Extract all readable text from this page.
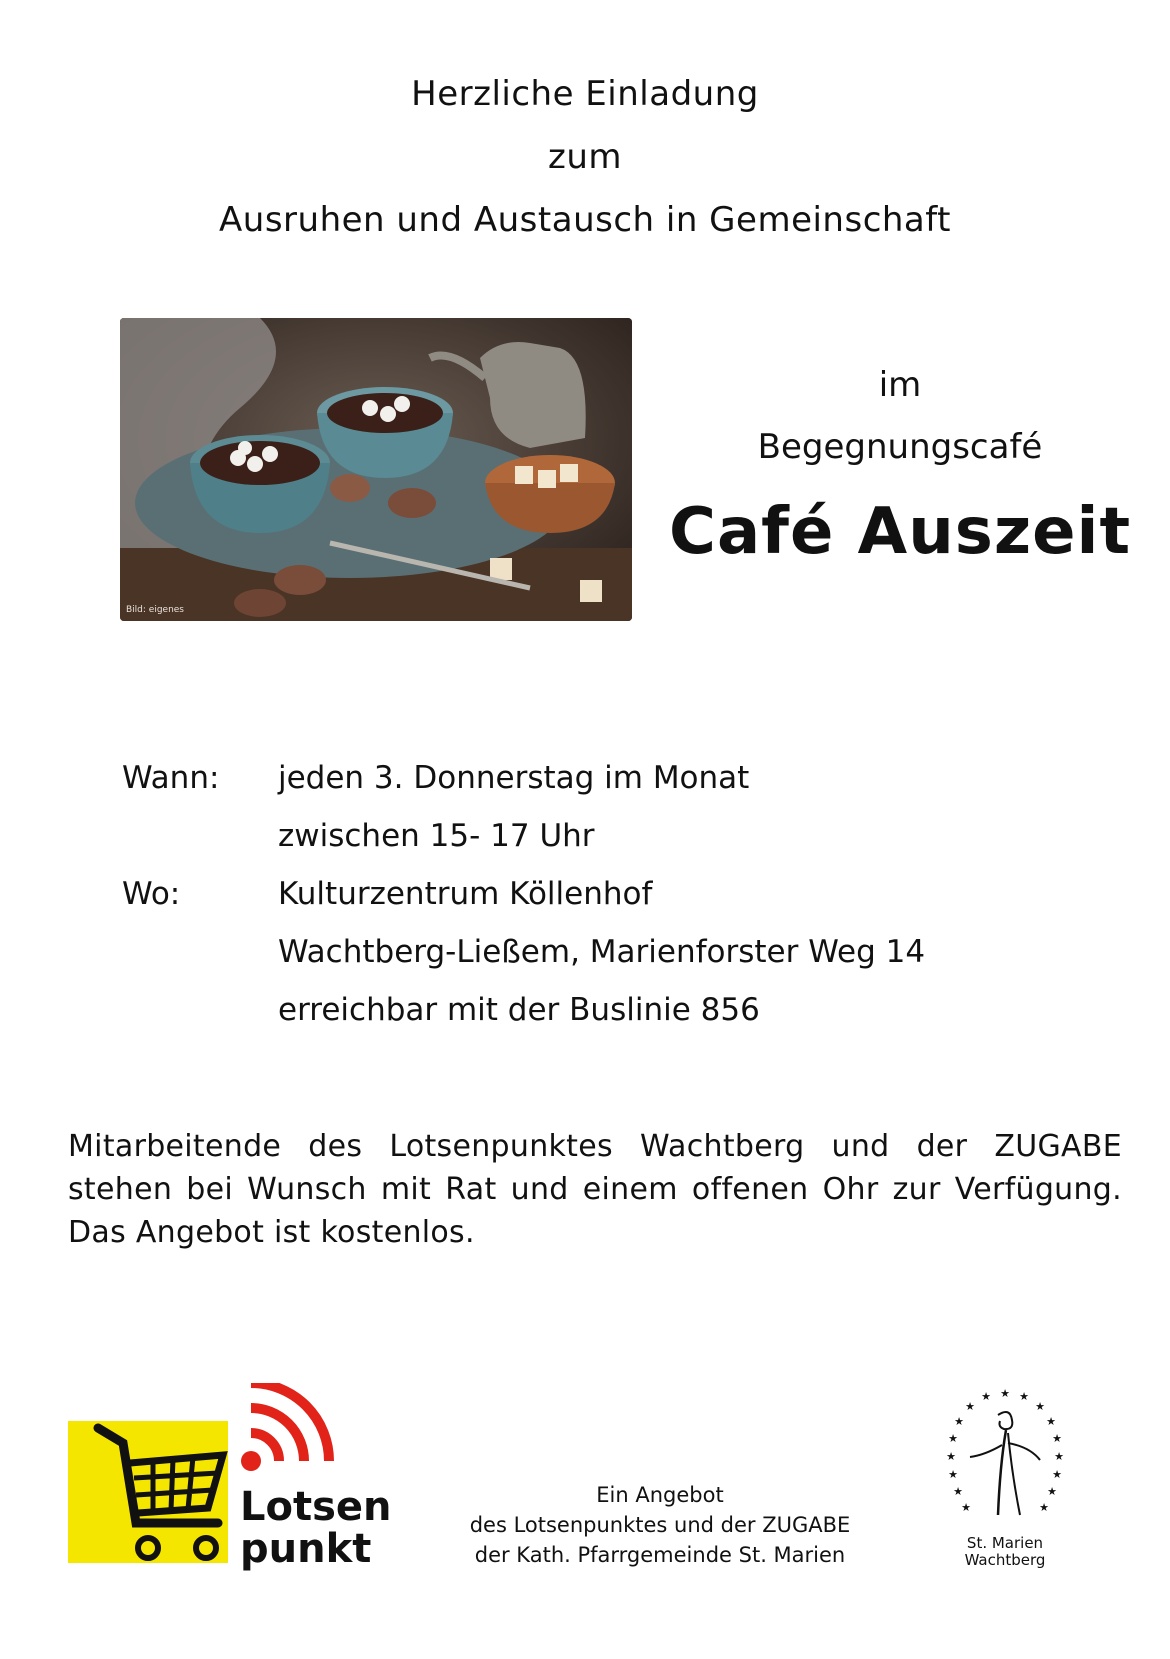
Herzliche Einladung
zum
Ausruhen und Austausch in Gemeinschaft
Bild: eigenes
im
Begegnungscafé
Café Auszeit
Wann: jeden 3. Donnerstag im Monat
zwischen 15- 17 Uhr
Wo:	Kulturzentrum Köllenhof
Wachtberg-Ließem, Marienforster Weg 14
erreichbar mit der Buslinie 856
Mitarbeitende des Lotsenpunktes Wachtberg und der ZUGABE stehen bei Wunsch mit Rat und einem offenen Ohr zur Verfügung. Das Angebot ist kostenlos.
Lotsen
punkt
Ein Angebot
des Lotsenpunktes und der ZUGABE
der Kath. Pfarrgemeinde St. Marien
★ ★
★
★
★
★
★
★
★
★
★
★
★
★
★
★
★
St. Marien
Wachtberg
